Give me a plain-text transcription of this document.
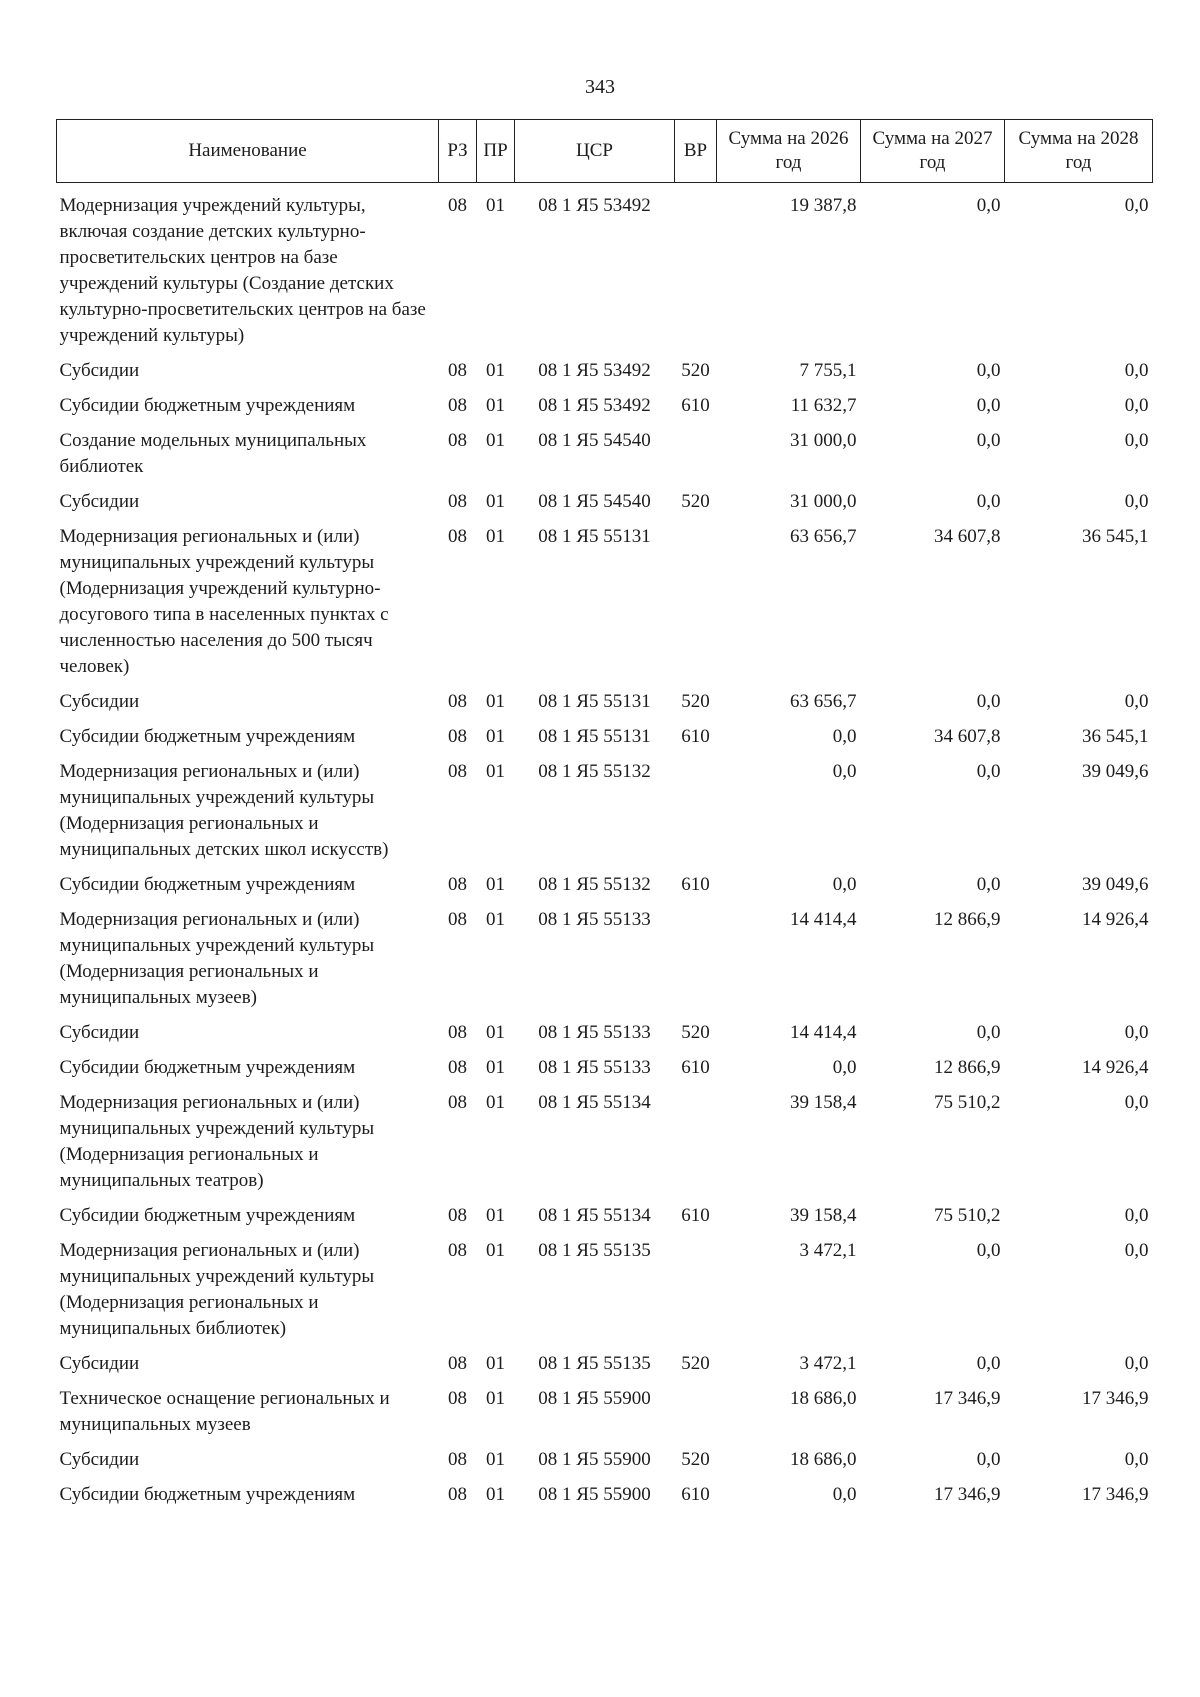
343
Наименование	РЗ	ПР	ЦСР	ВР	Сумма на 2026 год	Сумма на 2027 год	Сумма на 2028 год
Модернизация учреждений культуры, включая создание детских культурно-просветительских центров на базе учреждений культуры (Создание детских культурно-просветительских центров на базе учреждений культуры)	08	01	08 1 Я5 53492		19 387,8	0,0	0,0
Субсидии	08	01	08 1 Я5 53492	520	7 755,1	0,0	0,0
Субсидии бюджетным учреждениям	08	01	08 1 Я5 53492	610	11 632,7	0,0	0,0
Создание модельных муниципальных библиотек	08	01	08 1 Я5 54540		31 000,0	0,0	0,0
Субсидии	08	01	08 1 Я5 54540	520	31 000,0	0,0	0,0
Модернизация региональных и (или) муниципальных учреждений культуры (Модернизация учреждений культурно-досугового типа в населенных пунктах с численностью населения до 500 тысяч человек)	08	01	08 1 Я5 55131		63 656,7	34 607,8	36 545,1
Субсидии	08	01	08 1 Я5 55131	520	63 656,7	0,0	0,0
Субсидии бюджетным учреждениям	08	01	08 1 Я5 55131	610	0,0	34 607,8	36 545,1
Модернизация региональных и (или) муниципальных учреждений культуры (Модернизация региональных и муниципальных детских школ искусств)	08	01	08 1 Я5 55132		0,0	0,0	39 049,6
Субсидии бюджетным учреждениям	08	01	08 1 Я5 55132	610	0,0	0,0	39 049,6
Модернизация региональных и (или) муниципальных учреждений культуры (Модернизация региональных и муниципальных музеев)	08	01	08 1 Я5 55133		14 414,4	12 866,9	14 926,4
Субсидии	08	01	08 1 Я5 55133	520	14 414,4	0,0	0,0
Субсидии бюджетным учреждениям	08	01	08 1 Я5 55133	610	0,0	12 866,9	14 926,4
Модернизация региональных и (или) муниципальных учреждений культуры (Модернизация региональных и муниципальных театров)	08	01	08 1 Я5 55134		39 158,4	75 510,2	0,0
Субсидии бюджетным учреждениям	08	01	08 1 Я5 55134	610	39 158,4	75 510,2	0,0
Модернизация региональных и (или) муниципальных учреждений культуры (Модернизация региональных и муниципальных библиотек)	08	01	08 1 Я5 55135		3 472,1	0,0	0,0
Субсидии	08	01	08 1 Я5 55135	520	3 472,1	0,0	0,0
Техническое оснащение региональных и муниципальных музеев	08	01	08 1 Я5 55900		18 686,0	17 346,9	17 346,9
Субсидии	08	01	08 1 Я5 55900	520	18 686,0	0,0	0,0
Субсидии бюджетным учреждениям	08	01	08 1 Я5 55900	610	0,0	17 346,9	17 346,9
